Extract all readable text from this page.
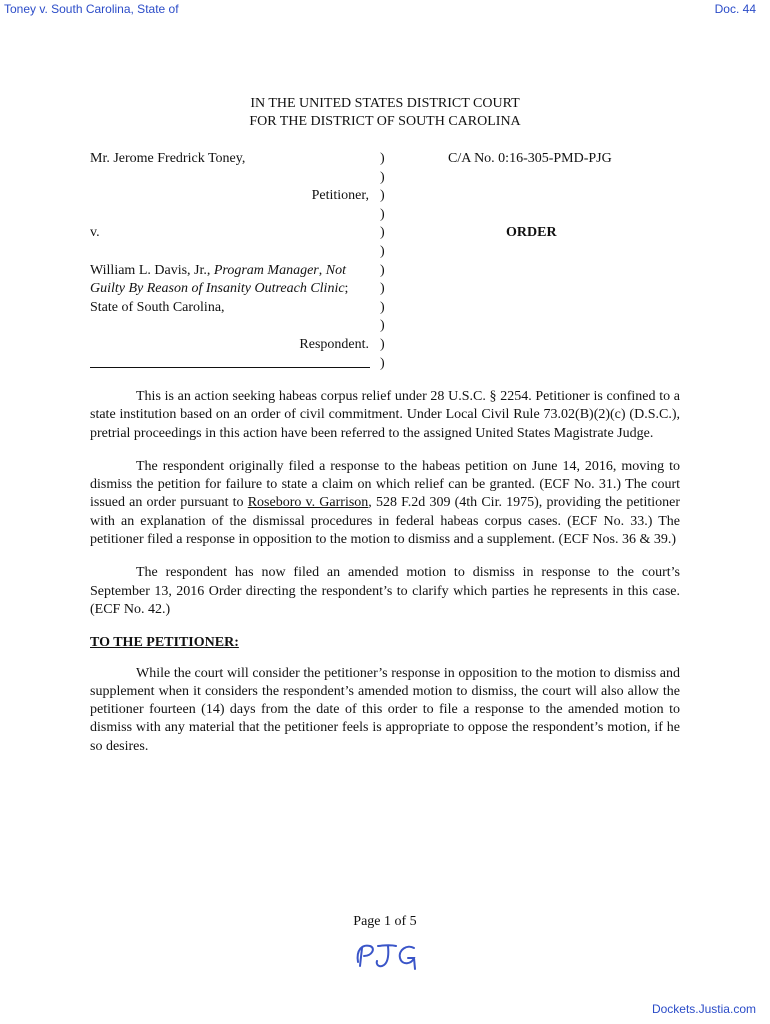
Toney v. South Carolina, State of	Doc. 44
IN THE UNITED STATES DISTRICT COURT
FOR THE DISTRICT OF SOUTH CAROLINA
Mr. Jerome Fredrick Toney,
Petitioner,
v.
William L. Davis, Jr., Program Manager, Not
Guilty By Reason of Insanity Outreach Clinic;
State of South Carolina,
Respondent.
)
)
)
)
)
)
)
)
)
)
)
)
C/A No. 0:16-305-PMD-PJG
ORDER

This is an action seeking habeas corpus relief under 28 U.S.C. § 2254. Petitioner is confined to a state institution based on an order of civil commitment. Under Local Civil Rule 73.02(B)(2)(c) (D.S.C.), pretrial proceedings in this action have been referred to the assigned United States Magistrate Judge.

The respondent originally filed a response to the habeas petition on June 14, 2016, moving to dismiss the petition for failure to state a claim on which relief can be granted. (ECF No. 31.) The court issued an order pursuant to Roseboro v. Garrison, 528 F.2d 309 (4th Cir. 1975), providing the petitioner with an explanation of the dismissal procedures in federal habeas corpus cases. (ECF No. 33.) The petitioner filed a response in opposition to the motion to dismiss and a supplement. (ECF Nos. 36 & 39.)

The respondent has now filed an amended motion to dismiss in response to the court’s September 13, 2016 Order directing the respondent’s to clarify which parties he represents in this case. (ECF No. 42.)

TO THE PETITIONER:

While the court will consider the petitioner’s response in opposition to the motion to dismiss and supplement when it considers the respondent’s amended motion to dismiss, the court will also allow the petitioner fourteen (14) days from the date of this order to file a response to the amended motion to dismiss with any material that the petitioner feels is appropriate to oppose the respondent’s motion, if he so desires.

Page 1 of 5
Dockets.Justia.com
